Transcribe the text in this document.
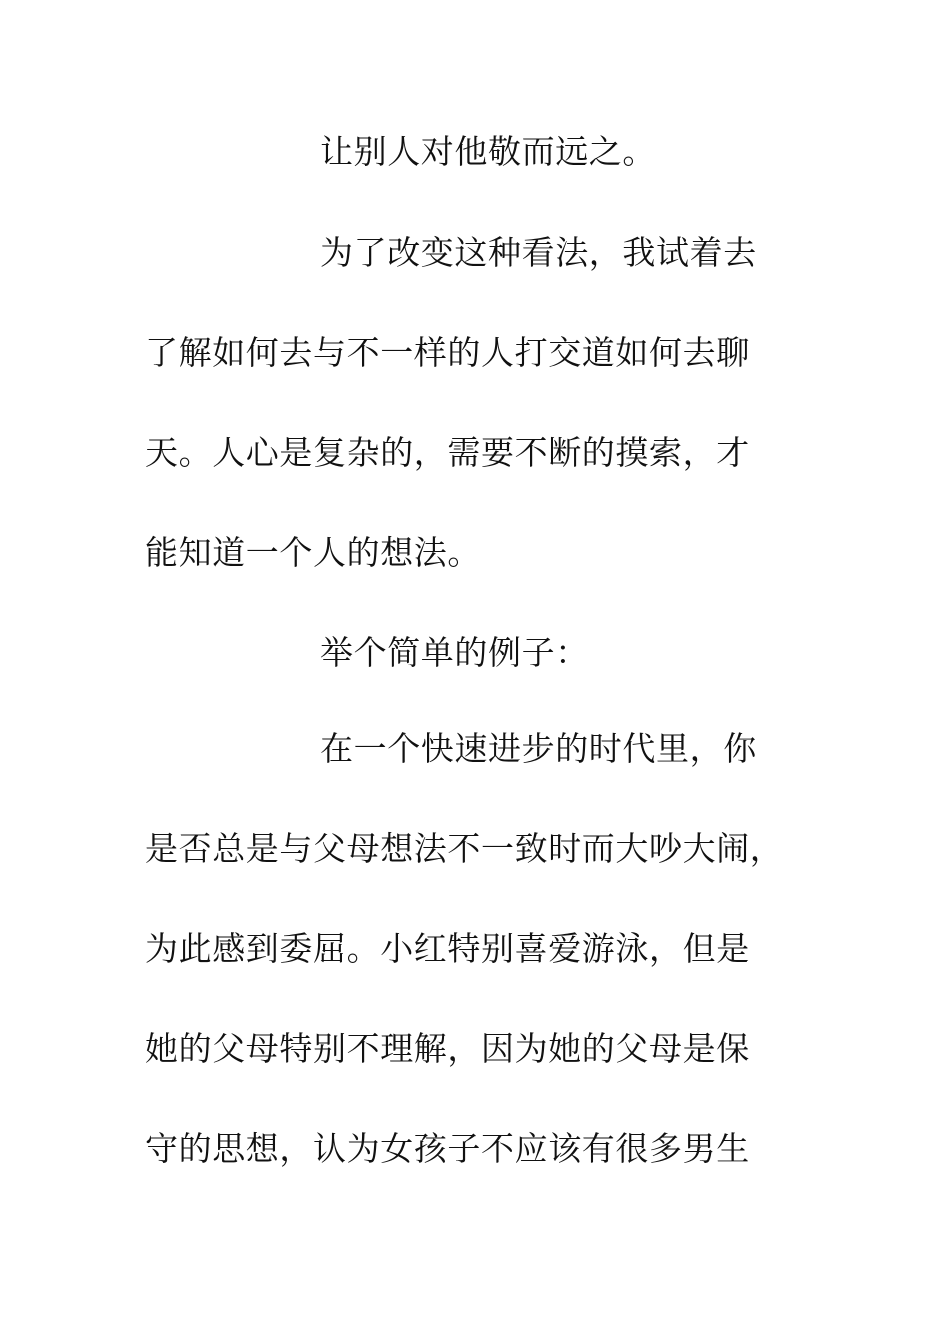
让别人对他敬而远之。
为了改变这种看法，我试着去
了解如何去与不一样的人打交道如何去聊
天。人心是复杂的，需要不断的摸索，才
能知道一个人的想法。
举个简单的例子：
在一个快速进步的时代里，你
是否总是与父母想法不一致时而大吵大闹，
为此感到委屈。小红特别喜爱游泳，但是
她的父母特别不理解，因为她的父母是保
守的思想，认为女孩子不应该有很多男生
